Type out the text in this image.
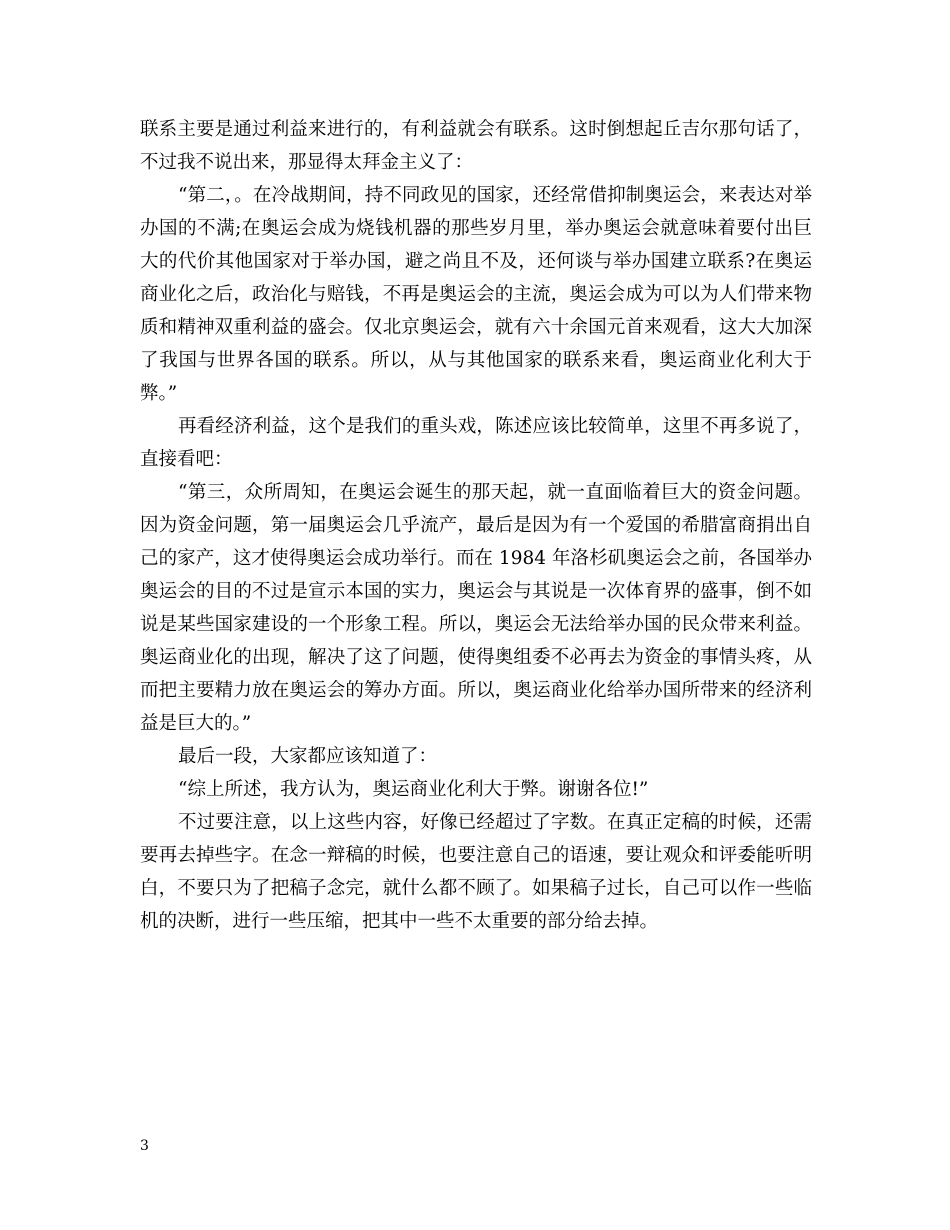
联系主要是通过利益来进行的，有利益就会有联系。这时倒想起丘吉尔那句话了，不过我不说出来，那显得太拜金主义了：

“第二，。在冷战期间，持不同政见的国家，还经常借抑制奥运会，来表达对举办国的不满;在奥运会成为烧钱机器的那些岁月里，举办奥运会就意味着要付出巨大的代价其他国家对于举办国，避之尚且不及，还何谈与举办国建立联系?在奥运商业化之后，政治化与赔钱，不再是奥运会的主流，奥运会成为可以为人们带来物质和精神双重利益的盛会。仅北京奥运会，就有六十余国元首来观看，这大大加深了我国与世界各国的联系。所以，从与其他国家的联系来看，奥运商业化利大于弊。”

再看经济利益，这个是我们的重头戏，陈述应该比较简单，这里不再多说了，直接看吧：

“第三，众所周知，在奥运会诞生的那天起，就一直面临着巨大的资金问题。因为资金问题，第一届奥运会几乎流产，最后是因为有一个爱国的希腊富商捐出自己的家产，这才使得奥运会成功举行。而在 1984 年洛杉矶奥运会之前，各国举办奥运会的目的不过是宣示本国的实力，奥运会与其说是一次体育界的盛事，倒不如说是某些国家建设的一个形象工程。所以，奥运会无法给举办国的民众带来利益。奥运商业化的出现，解决了这了问题，使得奥组委不必再去为资金的事情头疼，从而把主要精力放在奥运会的筹办方面。所以，奥运商业化给举办国所带来的经济利益是巨大的。”

最后一段，大家都应该知道了：

“综上所述，我方认为，奥运商业化利大于弊。谢谢各位!”

不过要注意，以上这些内容，好像已经超过了字数。在真正定稿的时候，还需要再去掉些字。在念一辩稿的时候，也要注意自己的语速，要让观众和评委能听明白，不要只为了把稿子念完，就什么都不顾了。如果稿子过长，自己可以作一些临机的决断，进行一些压缩，把其中一些不太重要的部分给去掉。

3
